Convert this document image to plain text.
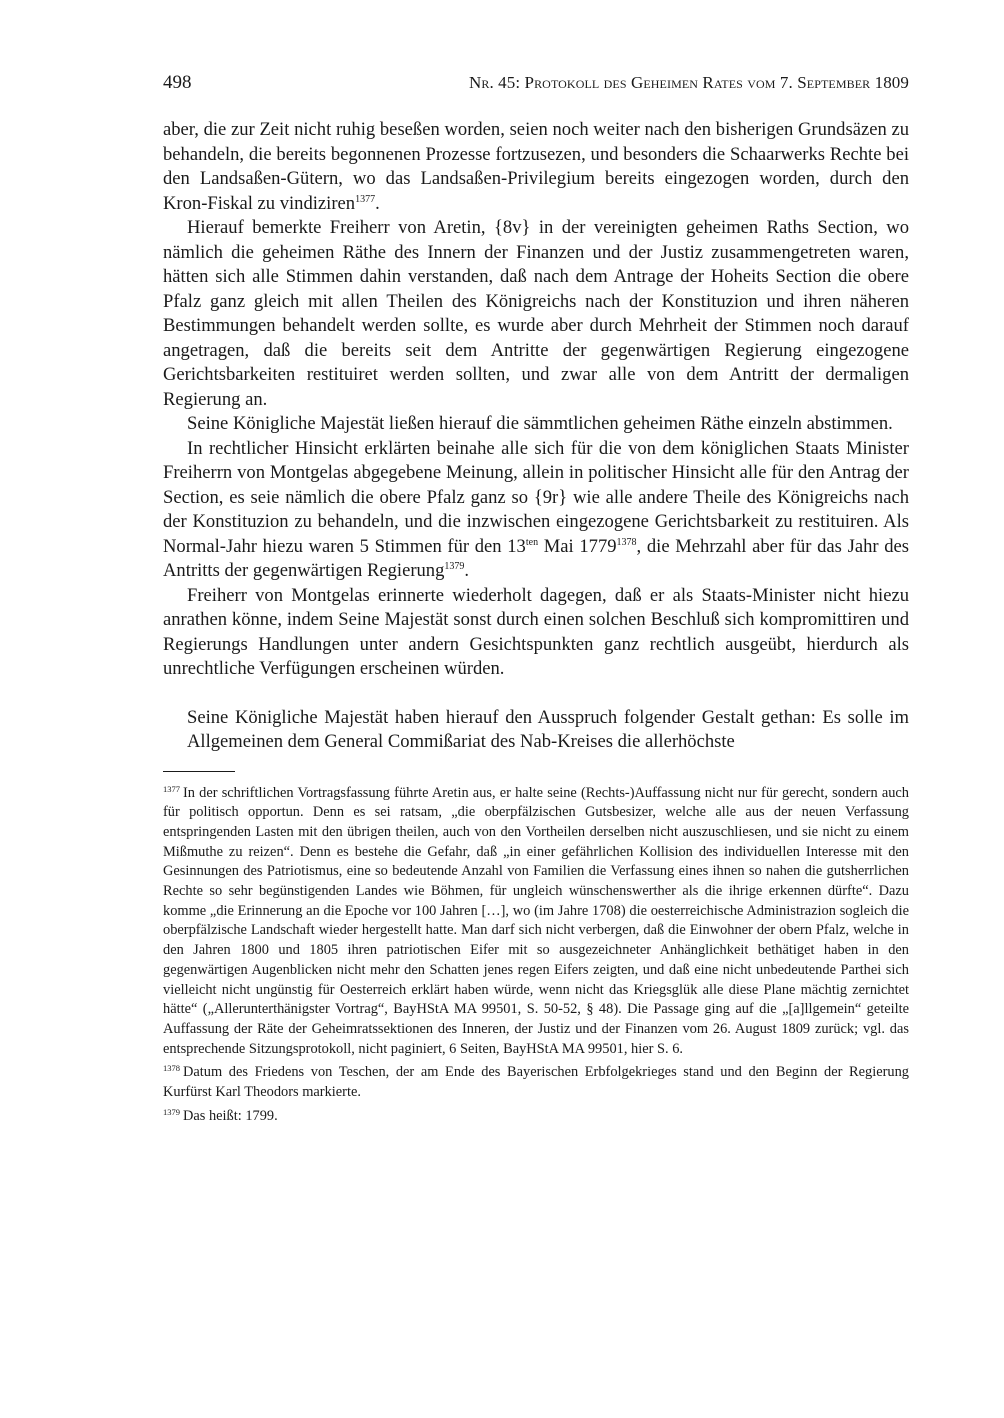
498	Nr. 45: Protokoll des Geheimen Rates vom 7. September 1809

aber, die zur Zeit nicht ruhig beseßen worden, seien noch weiter nach den bisherigen Grundsäzen zu behandeln, die bereits begonnenen Prozesse fortzusezen, und besonders die Schaarwerks Rechte bei den Landsaßen-Gütern, wo das Landsaßen-Privilegium bereits eingezogen worden, durch den Kron-Fiskal zu vindiziren$^{1377}$.

Hierauf bemerkte Freiherr von Aretin, {8v} in der vereinigten geheimen Raths Section, wo nämlich die geheimen Räthe des Innern der Finanzen und der Justiz zusammengetreten waren, hätten sich alle Stimmen dahin verstanden, daß nach dem Antrage der Hoheits Section die obere Pfalz ganz gleich mit allen Theilen des Königreichs nach der Konstituzion und ihren näheren Bestimmungen behandelt werden sollte, es wurde aber durch Mehrheit der Stimmen noch darauf angetragen, daß die bereits seit dem Antritte der gegenwärtigen Regierung eingezogene Gerichtsbarkeiten restituiret werden sollten, und zwar alle von dem Antritt der dermaligen Regierung an.

Seine Königliche Majestät ließen hierauf die sämmtlichen geheimen Räthe einzeln abstimmen.

In rechtlicher Hinsicht erklärten beinahe alle sich für die von dem königlichen Staats Minister Freiherrn von Montgelas abgegebene Meinung, allein in politischer Hinsicht alle für den Antrag der Section, es seie nämlich die obere Pfalz ganz so {9r} wie alle andere Theile des Königreichs nach der Konstituzion zu behandeln, und die inzwischen eingezogene Gerichtsbarkeit zu restituiren. Als Normal-Jahr hiezu waren 5 Stimmen für den $13^{ten}$ Mai $1779^{1378}$, die Mehrzahl aber für das Jahr des Antritts der gegenwärtigen Regierung$^{1379}$.

Freiherr von Montgelas erinnerte wiederholt dagegen, daß er als Staats-Minister nicht hiezu anrathen könne, indem Seine Majestät sonst durch einen solchen Beschluß sich kompromittiren und Regierungs Handlungen unter andern Gesichtspunkten ganz rechtlich ausgeübt, hierdurch als unrechtliche Verfügungen erscheinen würden.

Seine Königliche Majestät haben hierauf den Ausspruch folgender Gestalt gethan: Es solle im Allgemeinen dem General Commißariat des Nab-Kreises die allerhöchste

$^{1377}$ In der schriftlichen Vortragsfassung führte Aretin aus, er halte seine (Rechts-)Auffassung nicht nur für gerecht, sondern auch für politisch opportun. Denn es sei ratsam, „die oberpfälzischen Gutsbesizer, welche alle aus der neuen Verfassung entspringenden Lasten mit den übrigen theilen, auch von den Vortheilen derselben nicht auszuschliesen, und sie nicht zu einem Mißmuthe zu reizen“. Denn es bestehe die Gefahr, daß „in einer gefährlichen Kollision des individuellen Interesse mit den Gesinnungen des Patriotismus, eine so bedeutende Anzahl von Familien die Verfassung eines ihnen so nahen die gutsherrlichen Rechte so sehr begünstigenden Landes wie Böhmen, für ungleich wünschenswerther als die ihrige erkennen dürfte“. Dazu komme „die Erinnerung an die Epoche vor 100 Jahren […], wo (im Jahre 1708) die oesterreichische Administrazion sogleich die oberpfälzische Landschaft wieder hergestellt hatte. Man darf sich nicht verbergen, daß die Einwohner der obern Pfalz, welche in den Jahren 1800 und 1805 ihren patriotischen Eifer mit so ausgezeichneter Anhänglichkeit bethätiget haben in den gegenwärtigen Augenblicken nicht mehr den Schatten jenes regen Eifers zeigten, und daß eine nicht unbedeutende Parthei sich vielleicht nicht ungünstig für Oesterreich erklärt haben würde, wenn nicht das Kriegsglük alle diese Plane mächtig zernichtet hätte“ („Allerunterthänigster Vortrag“, BayHStA MA 99501, S. 50-52, § 48). Die Passage ging auf die „[a]llgemein“ geteilte Auffassung der Räte der Geheimratssektionen des Inneren, der Justiz und der Finanzen vom 26. August 1809 zurück; vgl. das entsprechende Sitzungsprotokoll, nicht paginiert, 6 Seiten, BayHStA MA 99501, hier S. 6.

$^{1378}$ Datum des Friedens von Teschen, der am Ende des Bayerischen Erbfolgekrieges stand und den Beginn der Regierung Kurfürst Karl Theodors markierte.

$^{1379}$ Das heißt: 1799.
